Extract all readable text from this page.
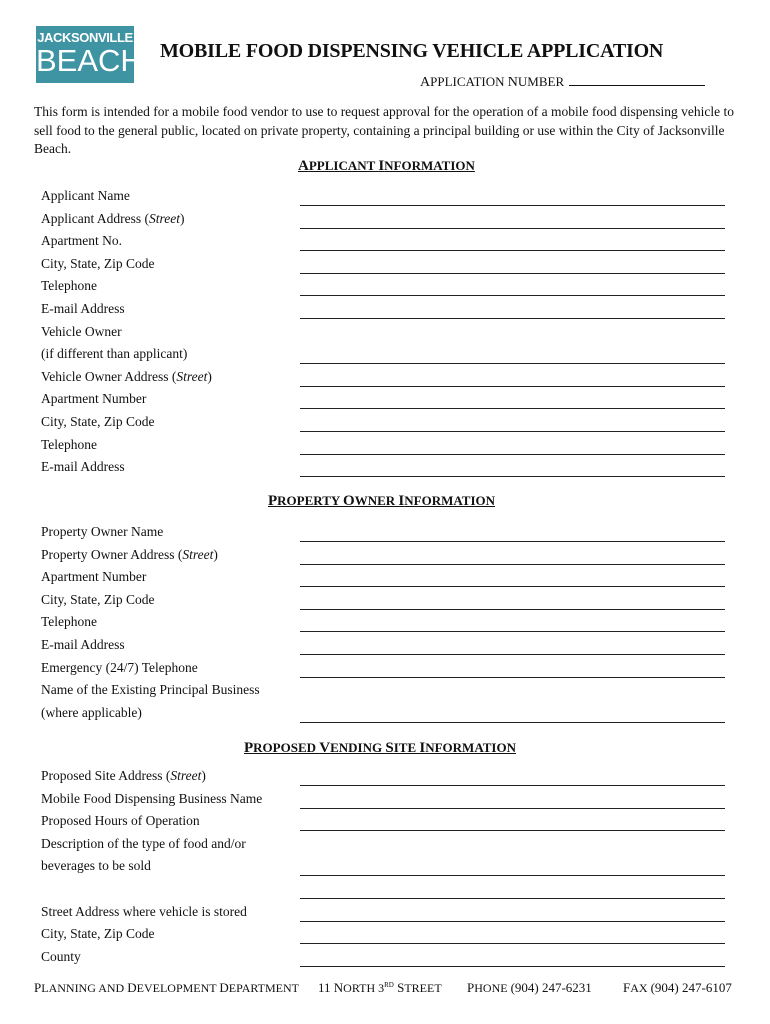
JACKSONVILLE
BEACH MOBILE FOOD DISPENSING VEHICLE APPLICATION
APPLICATION NUMBER
This form is intended for a mobile food vendor to use to request approval for the operation of a mobile food dispensing vehicle to sell food to the general public, located on private property, containing a principal building or use within the City of Jacksonville Beach.
APPLICANT INFORMATION
Applicant Name
Applicant Address (Street)
Apartment No.
City, State, Zip Code
Telephone
E-mail Address
Vehicle Owner
(if different than applicant)
Vehicle Owner Address (Street)
Apartment Number
City, State, Zip Code
Telephone
E-mail Address
PROPERTY OWNER INFORMATION
Property Owner Name
Property Owner Address (Street)
Apartment Number
City, State, Zip Code
Telephone
E-mail Address
Emergency (24/7) Telephone
Name of the Existing Principal Business
(where applicable)
PROPOSED VENDING SITE INFORMATION
Proposed Site Address (Street)
Mobile Food Dispensing Business Name
Proposed Hours of Operation
Description of the type of food and/or
beverages to be sold
Street Address where vehicle is stored
City, State, Zip Code
County
PLANNING AND DEVELOPMENT DEPARTMENT 11 NORTH 3RD STREET PHONE (904) 247-6231 FAX (904) 247-6107
